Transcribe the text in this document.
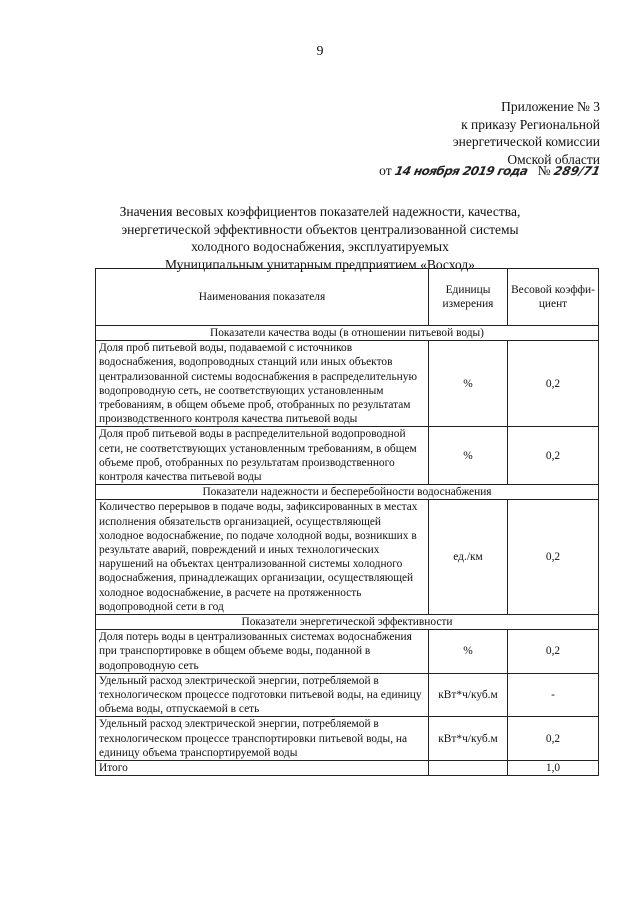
9
Приложение № 3
к приказу Региональной
энергетической комиссии
Омской области
от 14 ноября 2019 года № 289/71
Значения весовых коэффициентов показателей надежности, качества,
энергетической эффективности объектов централизованной системы
холодного водоснабжения, эксплуатируемых
Муниципальным унитарным предприятием «Восход»
Наименования показателя	Единицы измерения	Весовой коэффи-циент
Показатели качества воды (в отношении питьевой воды)		
Доля проб питьевой воды, подаваемой с источников водоснабжения, водопроводных станций или иных объектов централизованной системы водоснабжения в распределительную водопроводную сеть, не соответствующих установленным требованиям, в общем объеме проб, отобранных по результатам производственного контроля качества питьевой воды	%	0,2
Доля проб питьевой воды в распределительной водопроводной сети, не соответствующих установленным требованиям, в общем объеме проб, отобранных по результатам производственного контроля качества питьевой воды	%	0,2
Показатели надежности и бесперебойности водоснабжения		
Количество перерывов в подаче воды, зафиксированных в местах исполнения обязательств организацией, осуществляющей холодное водоснабжение, по подаче холодной воды, возникших в результате аварий, повреждений и иных технологических нарушений на объектах централизованной системы холодного водоснабжения, принадлежащих организации, осуществляющей холодное водоснабжение, в расчете на протяженность водопроводной сети в год	ед./км	0,2
Показатели энергетической эффективности		
Доля потерь воды в централизованных системах водоснабжения при транспортировке в общем объеме воды, поданной в водопроводную сеть	%	0,2
Удельный расход электрической энергии, потребляемой в технологическом процессе подготовки питьевой воды, на единицу объема воды, отпускаемой в сеть	кВт*ч/куб.м	-
Удельный расход электрической энергии, потребляемой в технологическом процессе транспортировки питьевой воды, на единицу объема транспортируемой воды	кВт*ч/куб.м	0,2
Итого		1,0
